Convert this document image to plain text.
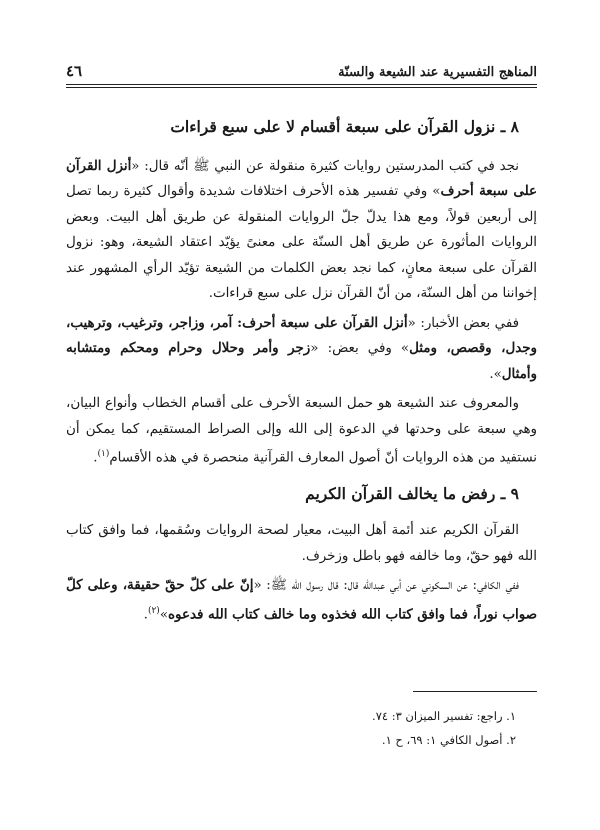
المناهج التفسيرية عند الشيعة والسنّة
٤٦
٨ ـ نزول القرآن على سبعة أقسام لا على سبع قراءات

نجد في كتب المدرستين روايات كثيرة منقولة عن النبي ﷺ أنّه قال: «أنزل القرآن على سبعة أحرف» وفي تفسير هذه الأحرف اختلافات شديدة وأقوال كثيرة ربما تصل إلى أربعين قولاً، ومع هذا يدلّ جلّ الروايات المنقولة عن طريق أهل البيت. وبعض الروايات المأثورة عن طريق أهل السنّة على معنىً يؤيّد اعتقاد الشيعة، وهو: نزول القرآن على سبعة معانٍ، كما نجد بعض الكلمات من الشيعة تؤيّد الرأي المشهور عند إخواننا من أهل السنّة، من أنّ القرآن نزل على سبع قراءات.

ففي بعض الأخبار: «أنزل القرآن على سبعة أحرف: آمر، وزاجر، وترغيب، وترهيب، وجدل، وقصص، ومثل» وفي بعض: «زجر وأمر وحلال وحرام ومحكم ومتشابه وأمثال».

والمعروف عند الشيعة هو حمل السبعة الأحرف على أقسام الخطاب وأنواع البيان، وهي سبعة على وحدتها في الدعوة إلى الله وإلى الصراط المستقيم، كما يمكن أن نستفيد من هذه الروايات أنّ أصول المعارف القرآنية منحصرة في هذه الأقسام$^{(١)}$.

٩ ـ رفض ما يخالف القرآن الكريم

القرآن الكريم عند أئمة أهل البيت، معيار لصحة الروايات وسُقمها، فما وافق كتاب الله فهو حقّ، وما خالفه فهو باطل وزخرف.

ففي الكافي: عن السكوني عن أبي عبدالله قال: قال رسول الله ﷺ: «إنّ على كلّ حقّ حقيقة، وعلى كلّ صواب نوراً، فما وافق كتاب الله فخذوه وما خالف كتاب الله فدعوه»$^{(٢)}$.

١. راجع: تفسير الميزان ٣: ٧٤.
٢. أصول الكافي ١: ٦٩، ح ١.
